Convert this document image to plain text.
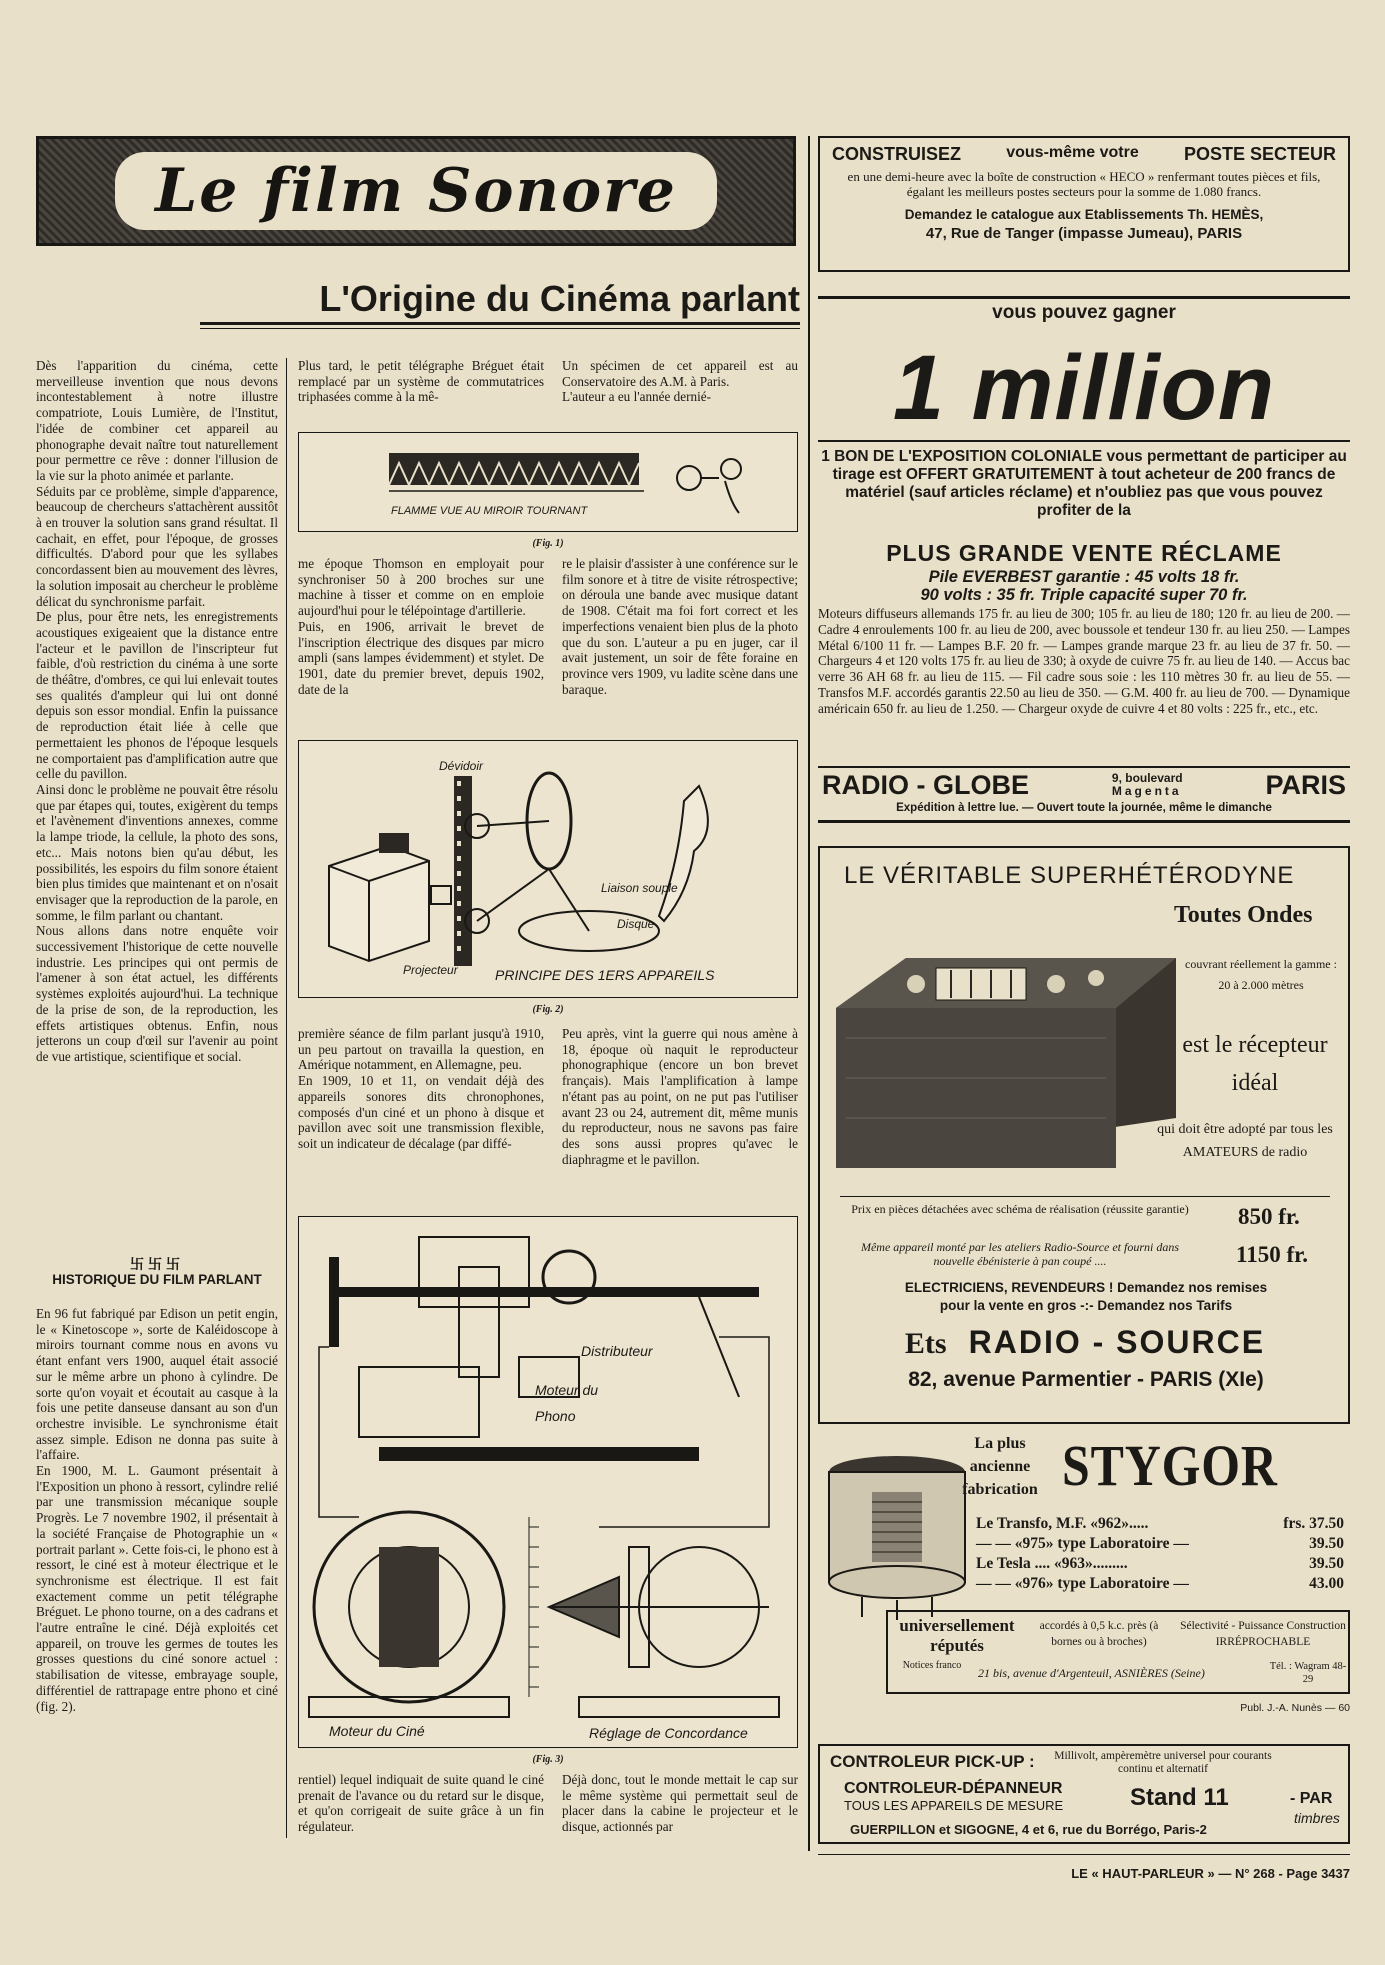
Le film Sonore
L'Origine du Cinéma parlant
Dès l'apparition du cinéma, cette merveilleuse invention que nous devons incontestablement à notre illustre compatriote, Louis Lumière, de l'Institut, l'idée de combiner cet appareil au phonographe devait naître tout naturellement pour permettre ce rêve : donner l'illusion de la vie sur la photo animée et parlante.
Séduits par ce problème, simple d'apparence, beaucoup de chercheurs s'attachèrent aussitôt à en trouver la solution sans grand résultat. Il cachait, en effet, pour l'époque, de grosses difficultés. D'abord pour que les syllabes concordassent bien au mouvement des lèvres, la solution imposait au chercheur le problème délicat du synchronisme parfait.
De plus, pour être nets, les enregistrements acoustiques exigeaient que la distance entre l'acteur et le pavillon de l'inscripteur fut faible, d'où restriction du cinéma à une sorte de théâtre, d'ombres, ce qui lui enlevait toutes ses qualités d'ampleur qui lui ont donné depuis son essor mondial. Enfin la puissance de reproduction était liée à celle que permettaient les phonos de l'époque lesquels ne comportaient pas d'amplification autre que celle du pavillon.
Ainsi donc le problème ne pouvait être résolu que par étapes qui, toutes, exigèrent du temps et l'avènement d'inventions annexes, comme la lampe triode, la cellule, la photo des sons, etc... Mais notons bien qu'au début, les possibilités, les espoirs du film sonore étaient bien plus timides que maintenant et on n'osait envisager que la reproduction de la parole, en somme, le film parlant ou chantant.
Nous allons dans notre enquête voir successivement l'historique de cette nouvelle industrie. Les principes qui ont permis de l'amener à son état actuel, les différents systèmes exploités aujourd'hui. La technique de la prise de son, de la reproduction, les effets artistiques obtenus. Enfin, nous jetterons un coup d'œil sur l'avenir au point de vue artistique, scientifique et social.
卐卐卐
HISTORIQUE DU FILM PARLANT
En 96 fut fabriqué par Edison un petit engin, le « Kinetoscope », sorte de Kaléidoscope à miroirs tournant comme nous en avons vu étant enfant vers 1900, auquel était associé sur le même arbre un phono à cylindre. De sorte qu'on voyait et écoutait au casque à la fois une petite danseuse dansant au son d'un orchestre invisible. Le synchronisme était assez simple. Edison ne donna pas suite à l'affaire.
En 1900, M. L. Gaumont présentait à l'Exposition un phono à ressort, cylindre relié par une transmission mécanique souple Progrès. Le 7 novembre 1902, il présentait à la société Française de Photographie un « portrait parlant ». Cette fois-ci, le phono est à ressort, le ciné est à moteur électrique et le synchronisme est électrique. Il est fait exactement comme un petit télégraphe Bréguet. Le phono tourne, on a des cadrans et l'autre entraîne le ciné. Déjà exploités cet appareil, on trouve les germes de toutes les grosses questions du ciné sonore actuel : stabilisation de vitesse, embrayage souple, différentiel de rattrapage entre phono et ciné (fig. 2).
Plus tard, le petit télégraphe Bréguet était remplacé par un système de commutatrices triphasées comme à la mê-
Un spécimen de cet appareil est au Conservatoire des A.M. à Paris.
L'auteur a eu l'année dernié-
FLAMME VUE AU MIROIR TOURNANT
(Fig. 1)
me époque Thomson en employait pour synchroniser 50 à 200 broches sur une machine à tisser et comme on en emploie aujourd'hui pour le télépointage d'artillerie.
Puis, en 1906, arrivait le brevet de l'inscription électrique des disques par micro ampli (sans lampes évidemment) et stylet. De 1901, date du premier brevet, depuis 1902, date de la
re le plaisir d'assister à une conférence sur le film sonore et à titre de visite rétrospective; on déroula une bande avec musique datant de 1908. C'était ma foi fort correct et les imperfections venaient bien plus de la photo que du son. L'auteur a pu en juger, car il avait justement, un soir de fête foraine en province vers 1909, vu ladite scène dans une baraque.
Dévidoir
Liaison souple
Disque
Projecteur	PRINCIPE DES 1ERS APPAREILS
(Fig. 2)
première séance de film parlant jusqu'à 1910, un peu partout on travailla la question, en Amérique notamment, en Allemagne, peu.
En 1909, 10 et 11, on vendait déjà des appareils sonores dits chronophones, composés d'un ciné et un phono à disque et pavillon avec soit une transmission flexible, soit un indicateur de décalage (par diffé-
Peu après, vint la guerre qui nous amène à 18, époque où naquit le reproducteur phonographique (encore un bon brevet français). Mais l'amplification à lampe n'étant pas au point, on ne put pas l'utiliser avant 23 ou 24, autrement dit, même munis du reproducteur, nous ne savons pas faire des sons aussi propres qu'avec le diaphragme et le pavillon.
Distributeur
Moteur du Phono
Moteur du Ciné	Réglage de Concordance
(Fig. 3)
rentiel) lequel indiquait de suite quand le ciné prenait de l'avance ou du retard sur le disque, et qu'on corrigeait de suite grâce à un fin régulateur.
Déjà donc, tout le monde mettait le cap sur le même système qui permettait seul de placer dans la cabine le projecteur et le disque, actionnés par
CONSTRUISEZ	vous-même votre	POSTE SECTEUR
en une demi-heure avec la boîte de construction « HECO » renfermant toutes pièces et fils, égalant les meilleurs postes secteurs pour la somme de 1.080 francs.
Demandez le catalogue aux Etablissements Th. HEMÈS,
47, Rue de Tanger (impasse Jumeau), PARIS
vous pouvez gagner
1 million
1 BON DE L'EXPOSITION COLONIALE vous permettant de participer au tirage est OFFERT GRATUITEMENT à tout acheteur de 200 francs de matériel (sauf articles réclame) et n'oubliez pas que vous pouvez profiter de la
PLUS GRANDE VENTE RÉCLAME
Pile EVERBEST garantie : 45 volts 18 fr.
90 volts : 35 fr. Triple capacité super 70 fr.
Moteurs diffuseurs allemands 175 fr. au lieu de 300; 105 fr. au lieu de 180; 120 fr. au lieu de 200. — Cadre 4 enroulements 100 fr. au lieu de 200, avec boussole et tendeur 130 fr. au lieu 250. — Lampes Métal 6/100 11 fr. — Lampes B.F. 20 fr. — Lampes grande marque 23 fr. au lieu de 37 fr. 50. — Chargeurs 4 et 120 volts 175 fr. au lieu de 330; à oxyde de cuivre 75 fr. au lieu de 140. — Accus bac verre 36 AH 68 fr. au lieu de 115. — Fil cadre sous soie : les 110 mètres 30 fr. au lieu de 55. — Transfos M.F. accordés garantis 22.50 au lieu de 350. — G.M. 400 fr. au lieu de 700. — Dynamique américain 650 fr. au lieu de 1.250. — Chargeur oxyde de cuivre 4 et 80 volts : 225 fr., etc., etc.
RADIO - GLOBE	9, boulevard
Magenta	PARIS
Expédition à lettre lue. — Ouvert toute la journée, même le dimanche
LE VÉRITABLE SUPERHÉTÉRODYNE
Toutes Ondes
couvrant réellement la gamme : 20 à 2.000 mètres
est le récepteur idéal
qui doit être adopté par tous les AMATEURS de radio
Prix en pièces détachées avec schéma de réalisation (réussite garantie)	850 fr.
Même appareil monté par les ateliers Radio-Source et fourni dans nouvelle ébénisterie à pan coupé ....	1150 fr.
ELECTRICIENS, REVENDEURS ! Demandez nos remises
pour la vente en gros -:- Demandez nos Tarifs
Ets RADIO - SOURCE
82, avenue Parmentier - PARIS (XIe)
La plus ancienne fabrication STYGOR
Le Transfo, M.F. «962».....	frs. 37.50
— — «975» type Laboratoire —	39.50
Le Tesla .... «963».........	39.50
— — «976» type Laboratoire —	43.00
universellement réputés
accordés à 0,5 k.c. près (à bornes ou à broches)
Sélectivité - Puissance Construction IRRÉPROCHABLE
Notices franco
21 bis, avenue d'Argenteuil, ASNIÈRES (Seine)	Tél. : Wagram 48-29
Publ. J.-A. Nunès — 60
CONTROLEUR PICK-UP :	Millivolt, ampèremètre universel pour courants continu et alternatif
CONTROLEUR-DÉPANNEUR
TOUS LES APPAREILS DE MESURE	Stand 11
GUERPILLON et SIGOGNE, 4 et 6, rue du Borrégo, Paris-2
- PAR
timbres
LE « HAUT-PARLEUR » — N° 268 - Page 3437
